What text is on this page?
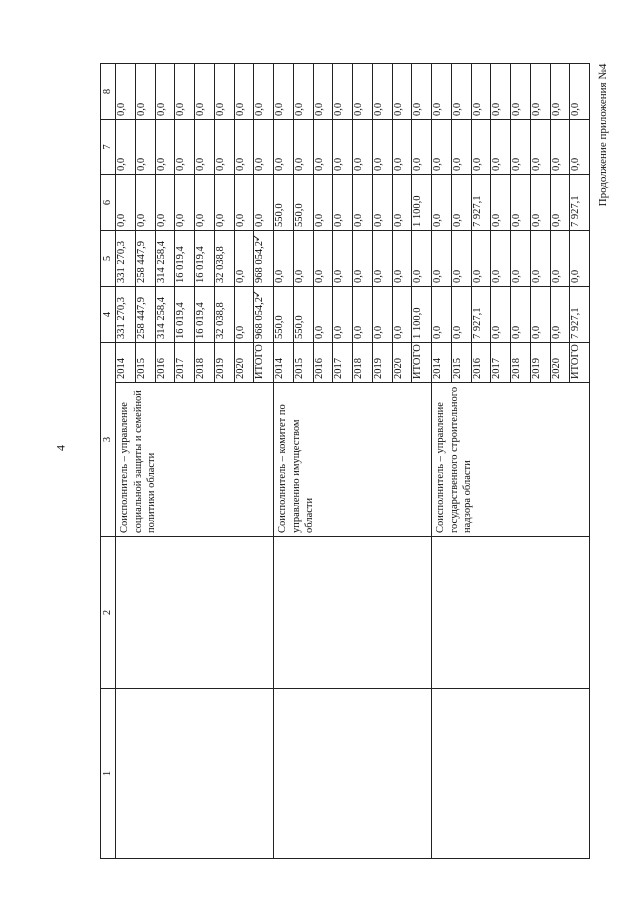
4
Продолжение приложения №4
1	2	3		4	5	6	7	8
		Соисполнитель – управление социальной защиты и семейной политики области	2014	331 270,3	331 270,3	0,0	0,0	0,0
			2015	258 447,9	258 447,9	0,0	0,0	0,0
			2016	314 258,4	314 258,4	0,0	0,0	0,0
			2017	16 019,4	16 019,4	0,0	0,0	0,0
			2018	16 019,4	16 019,4	0,0	0,0	0,0
			2019	32 038,8	32 038,8	0,0	0,0	0,0
			2020	0,0	0,0	0,0	0,0	0,0
			ИТОГО	968 054,2 ✓	968 054,2 ✓	0,0	0,0	0,0
		Соисполнитель – комитет по управлению имуществом области	2014	550,0	0,0	550,0	0,0	0,0
			2015	550,0	0,0	550,0	0,0	0,0
			2016	0,0	0,0	0,0	0,0	0,0
			2017	0,0	0,0	0,0	0,0	0,0
			2018	0,0	0,0	0,0	0,0	0,0
			2019	0,0	0,0	0,0	0,0	0,0
			2020	0,0	0,0	0,0	0,0	0,0
			ИТОГО	1 100,0	0,0	1 100,0	0,0	0,0
		Соисполнитель – управление государственного строительного надзора области	2014	0,0	0,0	0,0	0,0	0,0
			2015	0,0	0,0	0,0	0,0	0,0
			2016	7 927,1	0,0	7 927,1	0,0	0,0
			2017	0,0	0,0	0,0	0,0	0,0
			2018	0,0	0,0	0,0	0,0	0,0
			2019	0,0	0,0	0,0	0,0	0,0
			2020	0,0	0,0	0,0	0,0	0,0
			ИТОГО	7 927,1	0,0	7 927,1	0,0	0,0
